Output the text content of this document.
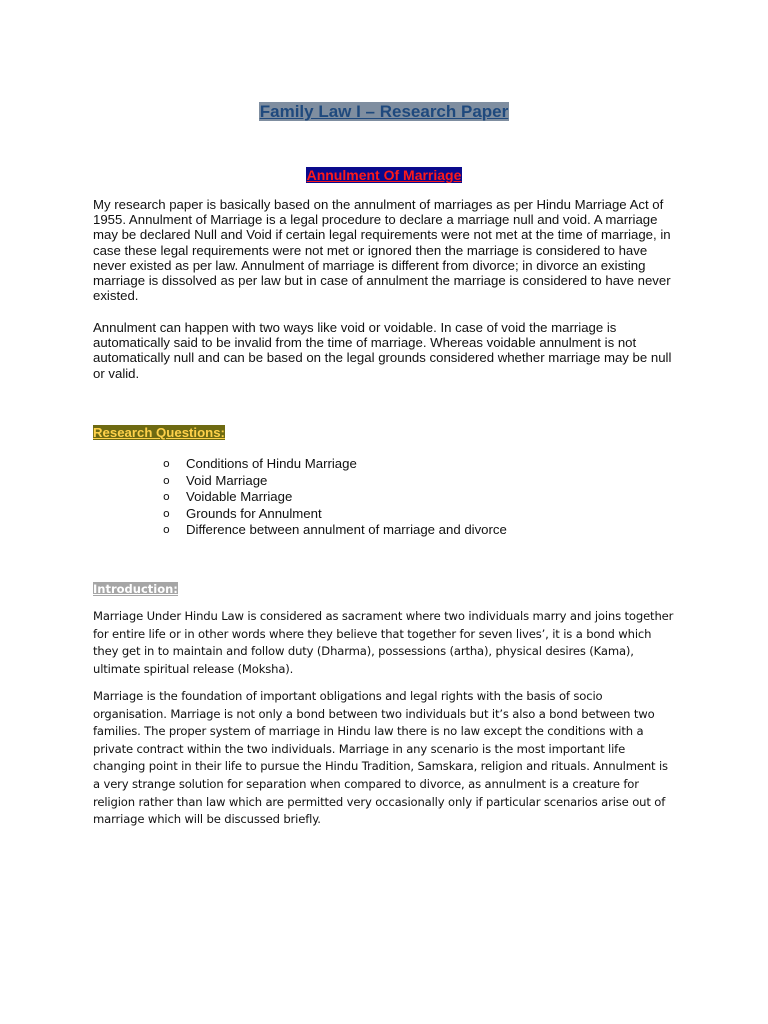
Family Law I – Research Paper
Annulment Of Marriage

My research paper is basically based on the annulment of marriages as per Hindu Marriage Act of 1955. Annulment of Marriage is a legal procedure to declare a marriage null and void. A marriage may be declared Null and Void if certain legal requirements were not met at the time of marriage, in case these legal requirements were not met or ignored then the marriage is considered to have never existed as per law. Annulment of marriage is different from divorce; in divorce an existing marriage is dissolved as per law but in case of annulment the marriage is considered to have never existed.

Annulment can happen with two ways like void or voidable. In case of void the marriage is automatically said to be invalid from the time of marriage. Whereas voidable annulment is not automatically null and can be based on the legal grounds considered whether marriage may be null or valid.

Research Questions:
o Conditions of Hindu Marriage
o Void Marriage
o Voidable Marriage
o Grounds for Annulment
o Difference between annulment of marriage and divorce
Introduction:

Marriage Under Hindu Law is considered as sacrament where two individuals marry and joins together for entire life or in other words where they believe that together for seven lives’, it is a bond which they get in to maintain and follow duty (Dharma), possessions (artha), physical desires (Kama), ultimate spiritual release (Moksha).

Marriage is the foundation of important obligations and legal rights with the basis of socio organisation. Marriage is not only a bond between two individuals but it’s also a bond between two families. The proper system of marriage in Hindu law there is no law except the conditions with a private contract within the two individuals. Marriage in any scenario is the most important life changing point in their life to pursue the Hindu Tradition, Samskara, religion and rituals. Annulment is a very strange solution for separation when compared to divorce, as annulment is a creature for religion rather than law which are permitted very occasionally only if particular scenarios arise out of marriage which will be discussed briefly.
